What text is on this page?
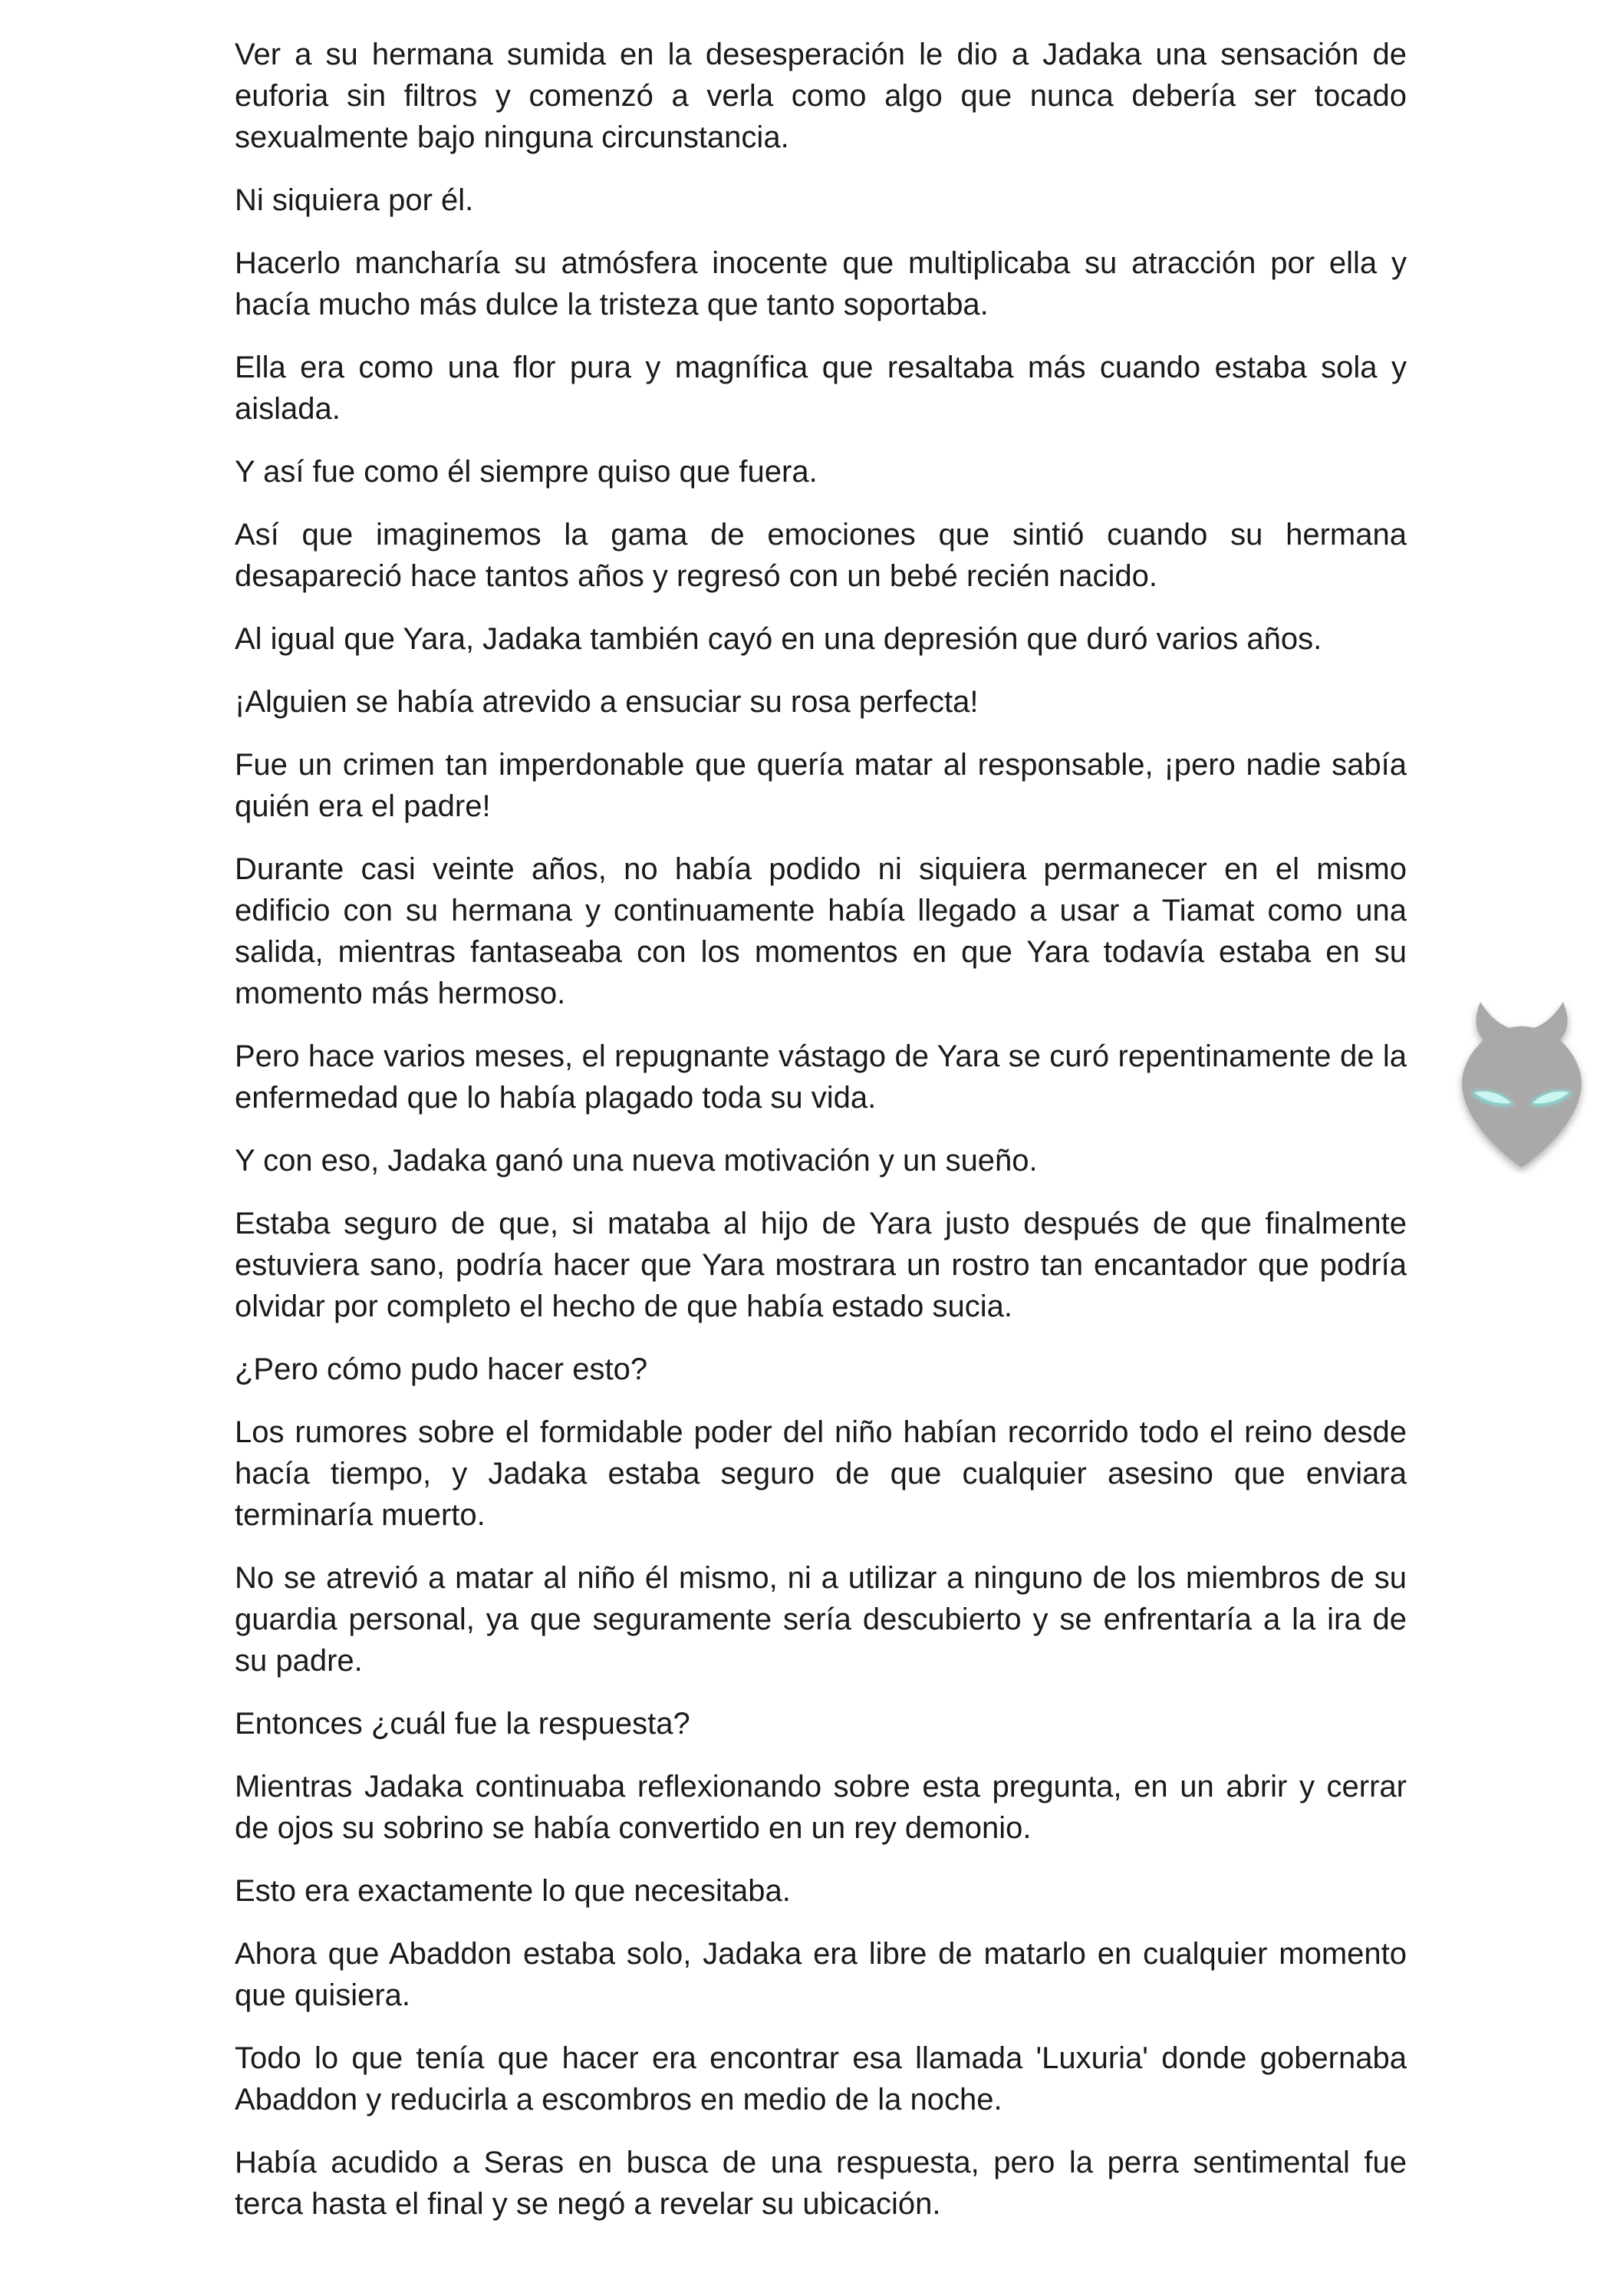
Ver a su hermana sumida en la desesperación le dio a Jadaka una sensación de euforia sin filtros y comenzó a verla como algo que nunca debería ser tocado sexualmente bajo ninguna circunstancia.

Ni siquiera por él.

Hacerlo mancharía su atmósfera inocente que multiplicaba su atracción por ella y hacía mucho más dulce la tristeza que tanto soportaba.

Ella era como una flor pura y magnífica que resaltaba más cuando estaba sola y aislada.

Y así fue como él siempre quiso que fuera.

Así que imaginemos la gama de emociones que sintió cuando su hermana desapareció hace tantos años y regresó con un bebé recién nacido.

Al igual que Yara, Jadaka también cayó en una depresión que duró varios años.

¡Alguien se había atrevido a ensuciar su rosa perfecta!

Fue un crimen tan imperdonable que quería matar al responsable, ¡pero nadie sabía quién era el padre!

Durante casi veinte años, no había podido ni siquiera permanecer en el mismo edificio con su hermana y continuamente había llegado a usar a Tiamat como una salida, mientras fantaseaba con los momentos en que Yara todavía estaba en su momento más hermoso.

Pero hace varios meses, el repugnante vástago de Yara se curó repentinamente de la enfermedad que lo había plagado toda su vida.

Y con eso, Jadaka ganó una nueva motivación y un sueño.

Estaba seguro de que, si mataba al hijo de Yara justo después de que finalmente estuviera sano, podría hacer que Yara mostrara un rostro tan encantador que podría olvidar por completo el hecho de que había estado sucia.

¿Pero cómo pudo hacer esto?

Los rumores sobre el formidable poder del niño habían recorrido todo el reino desde hacía tiempo, y Jadaka estaba seguro de que cualquier asesino que enviara terminaría muerto.

No se atrevió a matar al niño él mismo, ni a utilizar a ninguno de los miembros de su guardia personal, ya que seguramente sería descubierto y se enfrentaría a la ira de su padre.

Entonces ¿cuál fue la respuesta?

Mientras Jadaka continuaba reflexionando sobre esta pregunta, en un abrir y cerrar de ojos su sobrino se había convertido en un rey demonio.

Esto era exactamente lo que necesitaba.

Ahora que Abaddon estaba solo, Jadaka era libre de matarlo en cualquier momento que quisiera.

Todo lo que tenía que hacer era encontrar esa llamada 'Luxuria' donde gobernaba Abaddon y reducirla a escombros en medio de la noche.

Había acudido a Seras en busca de una respuesta, pero la perra sentimental fue terca hasta el final y se negó a revelar su ubicación.
